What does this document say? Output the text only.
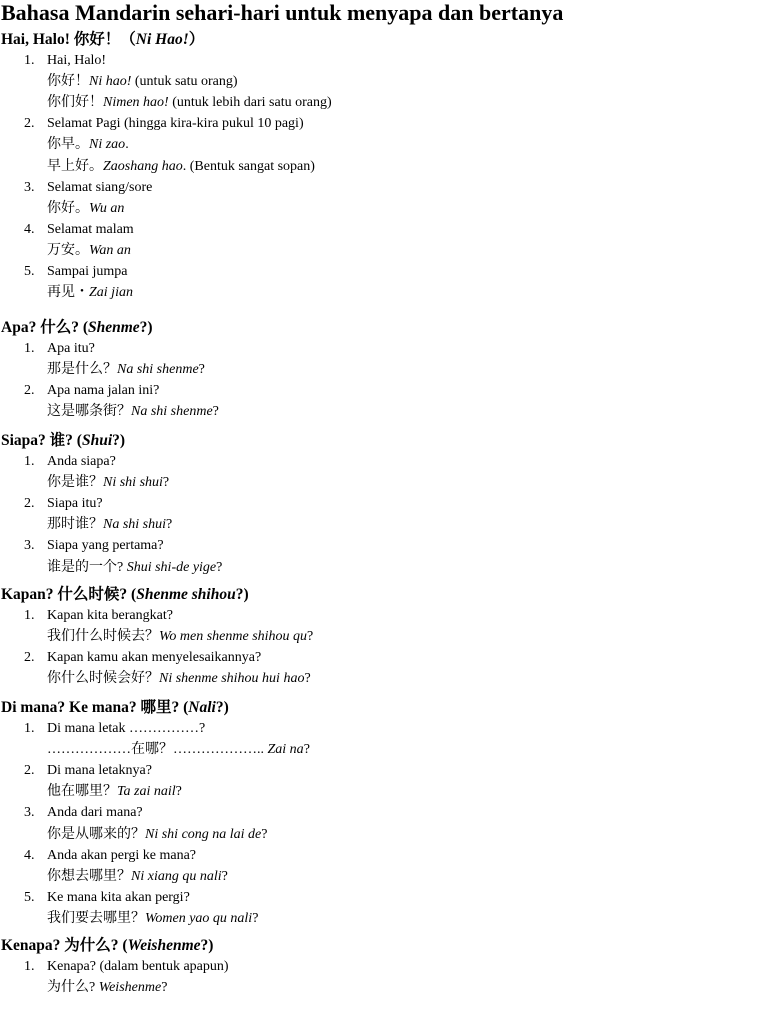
Bahasa Mandarin sehari-hari untuk menyapa dan bertanya
Hai, Halo! 你好！（Ni Hao!）
1. Hai, Halo!
你好！Ni hao! (untuk satu orang)
你们好！Nimen hao! (untuk lebih dari satu orang)
2. Selamat Pagi (hingga kira-kira pukul 10 pagi)
你早。Ni zao.
早上好。Zaoshang hao. (Bentuk sangat sopan)
3. Selamat siang/sore
你好。Wu an
4. Selamat malam
万安。Wan an
5. Sampai jumpa
再见・Zai jian
Apa? 什么? (Shenme?)
1. Apa itu?
那是什么？Na shi shenme?
2. Apa nama jalan ini?
这是哪条街？Na shi shenme?
Siapa? 谁? (Shui?)
1. Anda siapa?
你是谁？Ni shi shui?
2. Siapa itu?
那时谁？Na shi shui?
3. Siapa yang pertama?
谁是的一个? Shui shi-de yige?
Kapan? 什么时候? (Shenme shihou?)
1. Kapan kita berangkat?
我们什么时候去？Wo men shenme shihou qu?
2. Kapan kamu akan menyelesaikannya?
你什么时候会好？Ni shenme shihou hui hao?
Di mana? Ke mana? 哪里? (Nali?)
1. Di mana letak ……………?
………………在哪？……………….. Zai na?
2. Di mana letaknya?
他在哪里？Ta zai nail?
3. Anda dari mana?
你是从哪来的？Ni shi cong na lai de?
4. Anda akan pergi ke mana?
你想去哪里？Ni xiang qu nali?
5. Ke mana kita akan pergi?
我们要去哪里？Women yao qu nali?
Kenapa? 为什么? (Weishenme?)
1. Kenapa? (dalam bentuk apapun)
为什么? Weishenme?
